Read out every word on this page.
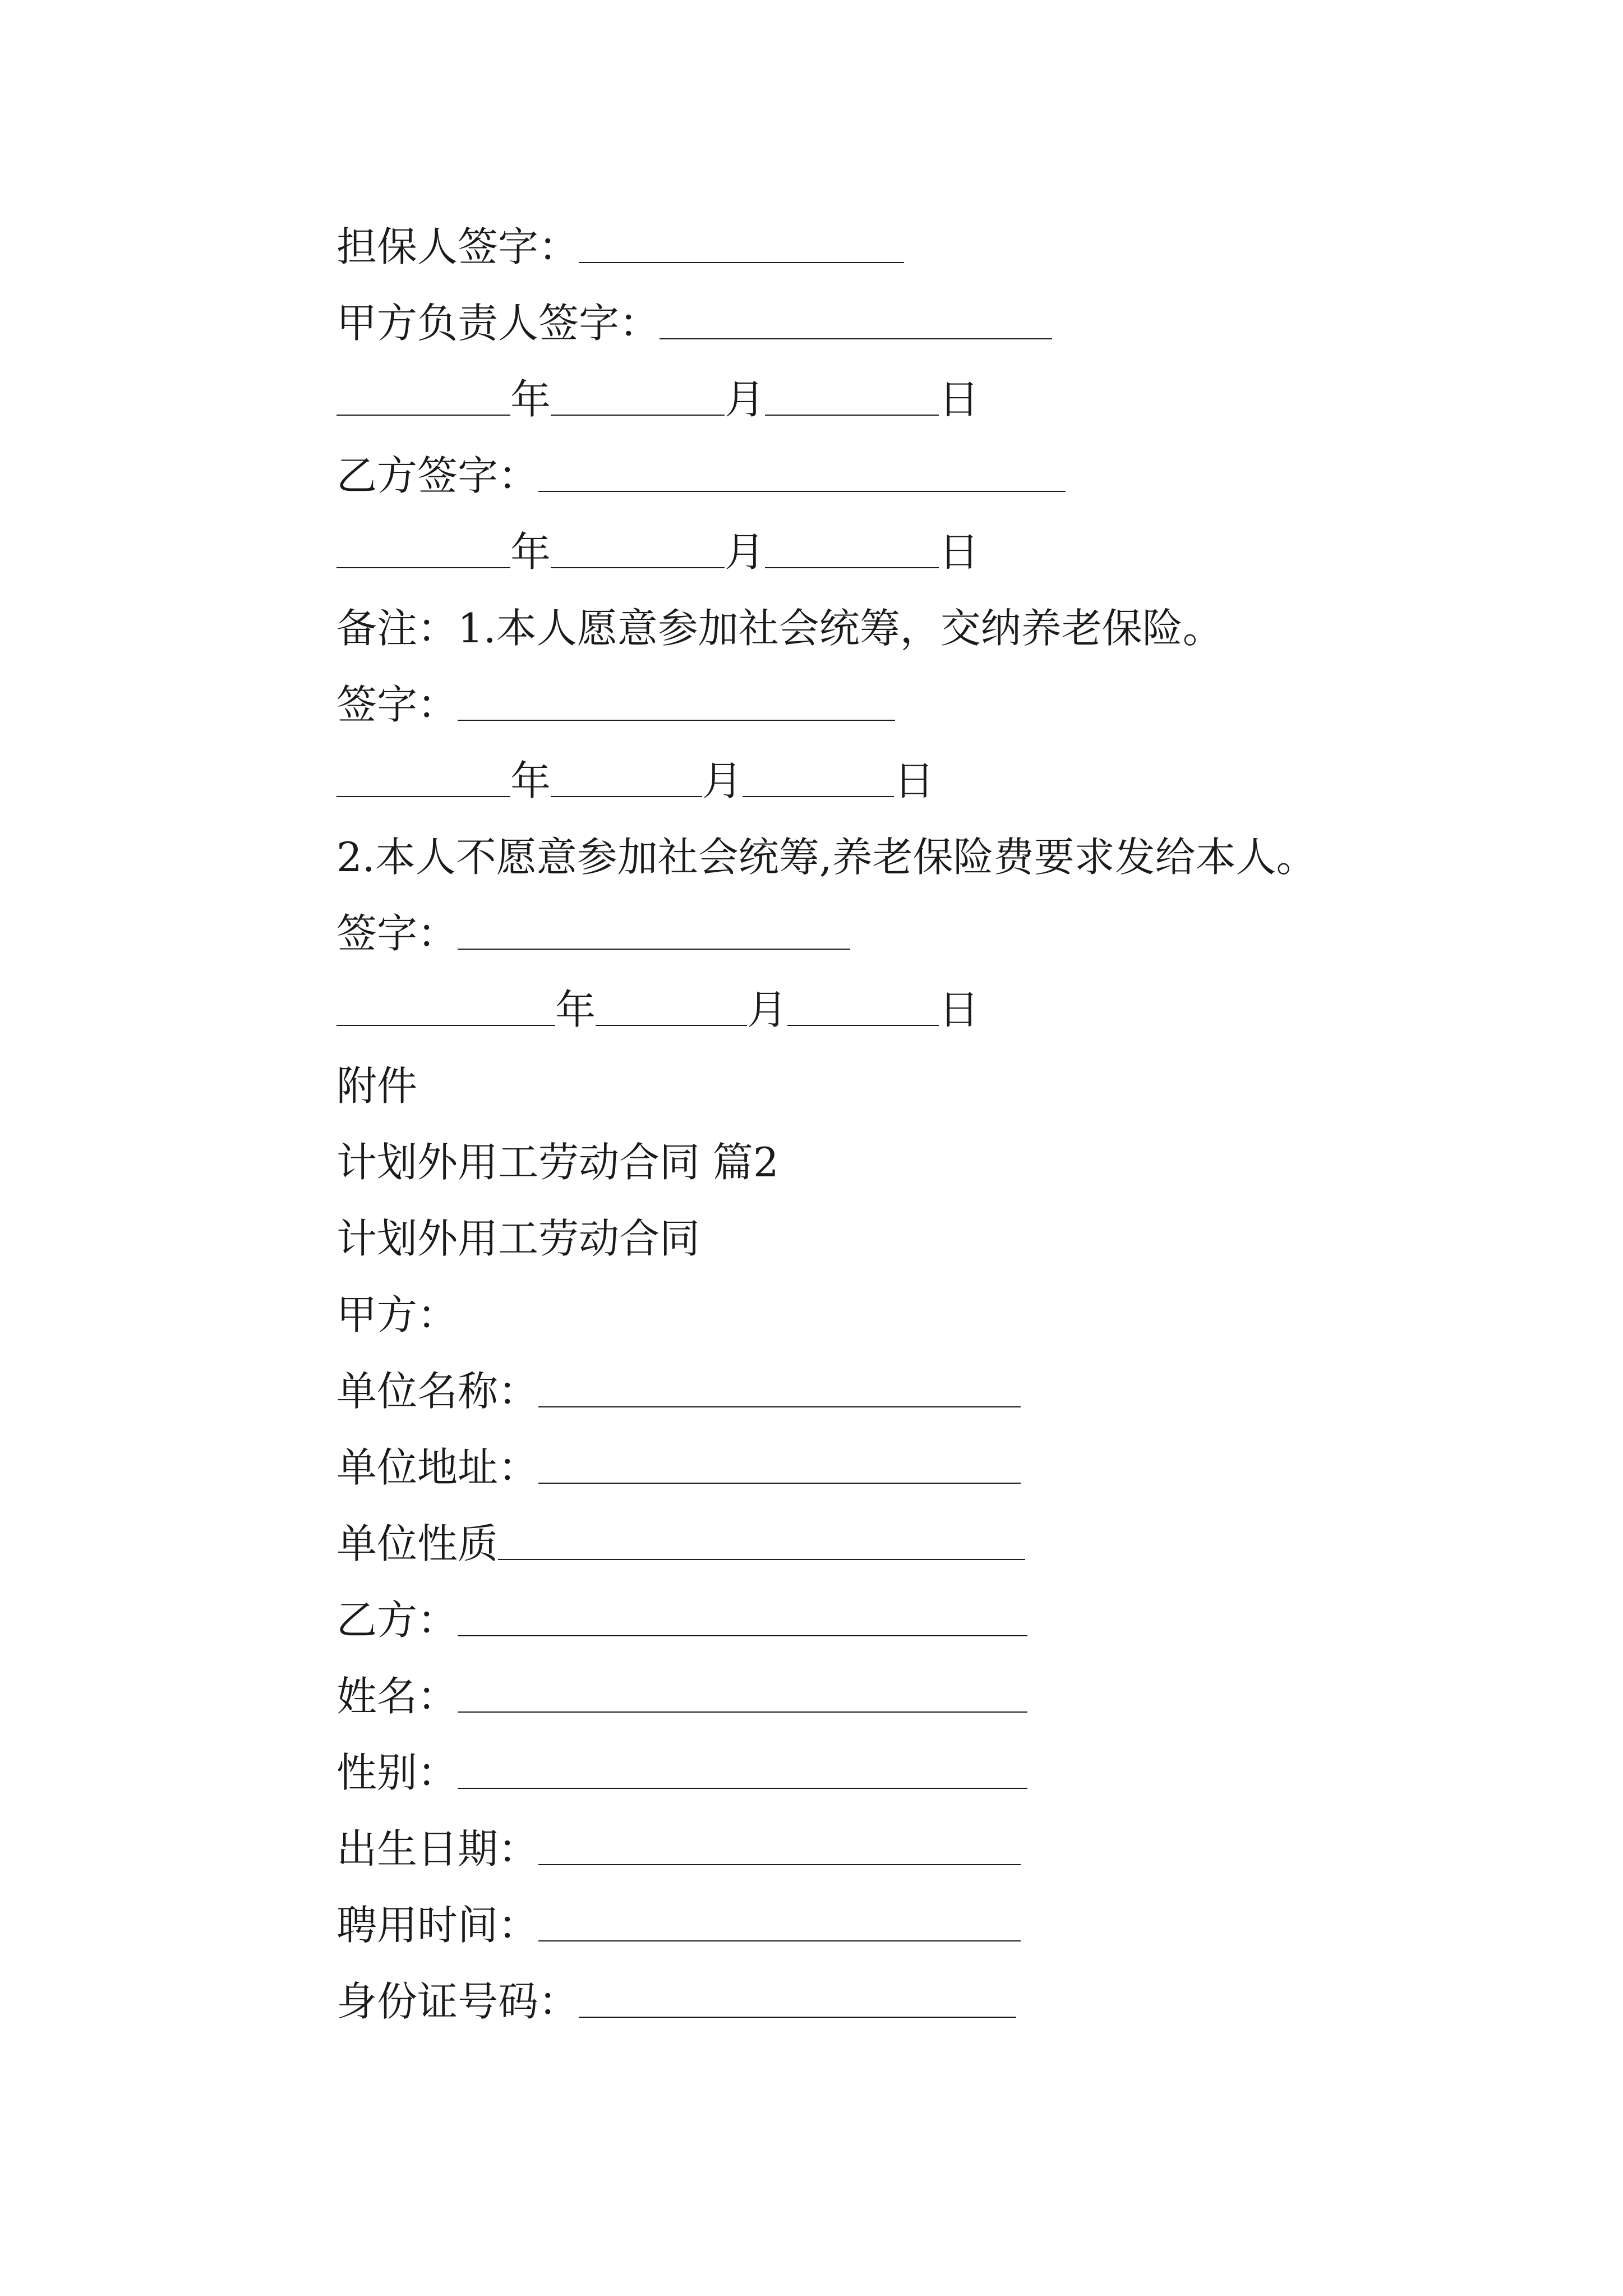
担保人签字：
甲方负责人签字：
年	月	日
乙方签字：
年	月	日
备注：1.本人愿意参加社会统筹，交纳养老保险。
签字：
年	月	日
2.本人不愿意参加社会统筹,养老保险费要求发给本人。
签字：
年	月	日
附件
计划外用工劳动合同 篇2
计划外用工劳动合同
甲方：
单位名称：
单位地址：
单位性质
乙方：
姓名：
性别：
出生日期：
聘用时间：
身份证号码：
